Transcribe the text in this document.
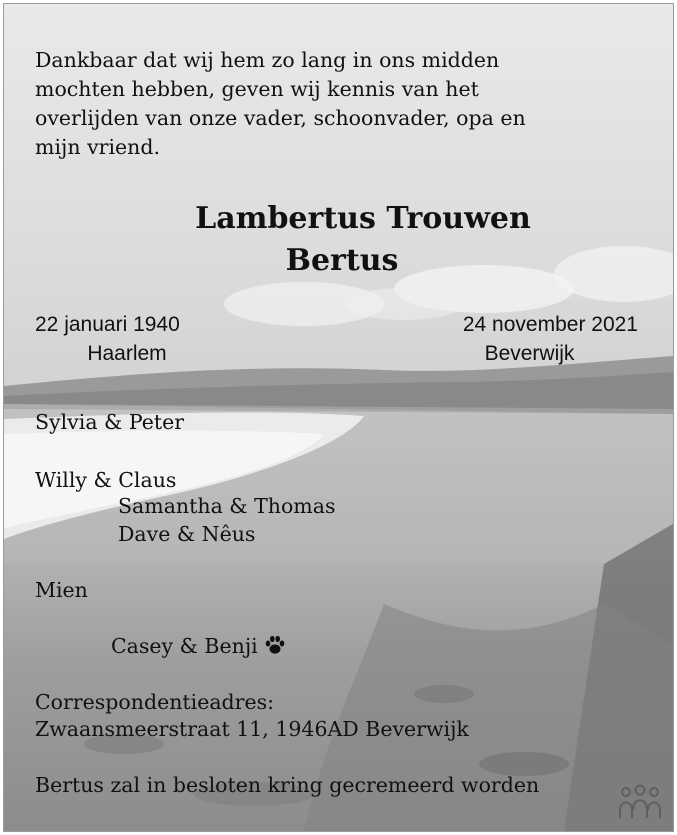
Dankbaar dat wij hem zo lang in ons midden
mochten hebben, geven wij kennis van het
overlijden van onze vader, schoonvader, opa en
mijn vriend.
Lambertus Trouwen
Bertus
22 januari 1940
Haarlem
24 november 2021
Beverwijk
Sylvia & Peter
Willy & Claus
Samantha & Thomas
Dave & Nêus
Mien
Casey & Benji
Correspondentieadres:
Zwaansmeerstraat 11, 1946AD Beverwijk
Bertus zal in besloten kring gecremeerd worden
